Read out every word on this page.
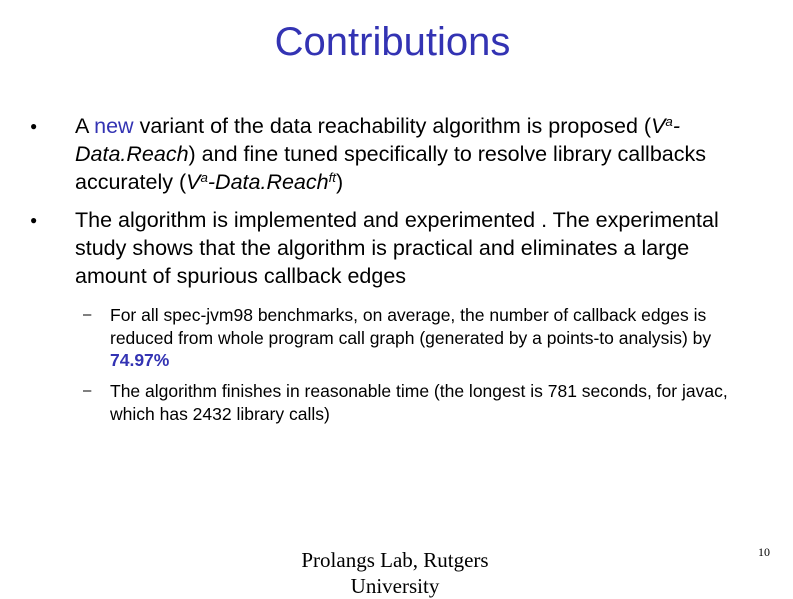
Contributions
● A new variant of the data reachability algorithm is proposed $(V^a-Data.Reach)$ and fine tuned specifically to resolve library callbacks accurately $(V^a-Data.Reach^{ft})$
● The algorithm is implemented and experimented . The experimental study shows that the algorithm is practical and eliminates a large amount of spurious callback edges
– For all spec-jvm98 benchmarks, on average, the number of callback edges is reduced from whole program call graph (generated by a points-to analysis) by 74.97%
– The algorithm finishes in reasonable time (the longest is 781 seconds, for javac, which has 2432 library calls)
Prolangs Lab, Rutgers
University
10
